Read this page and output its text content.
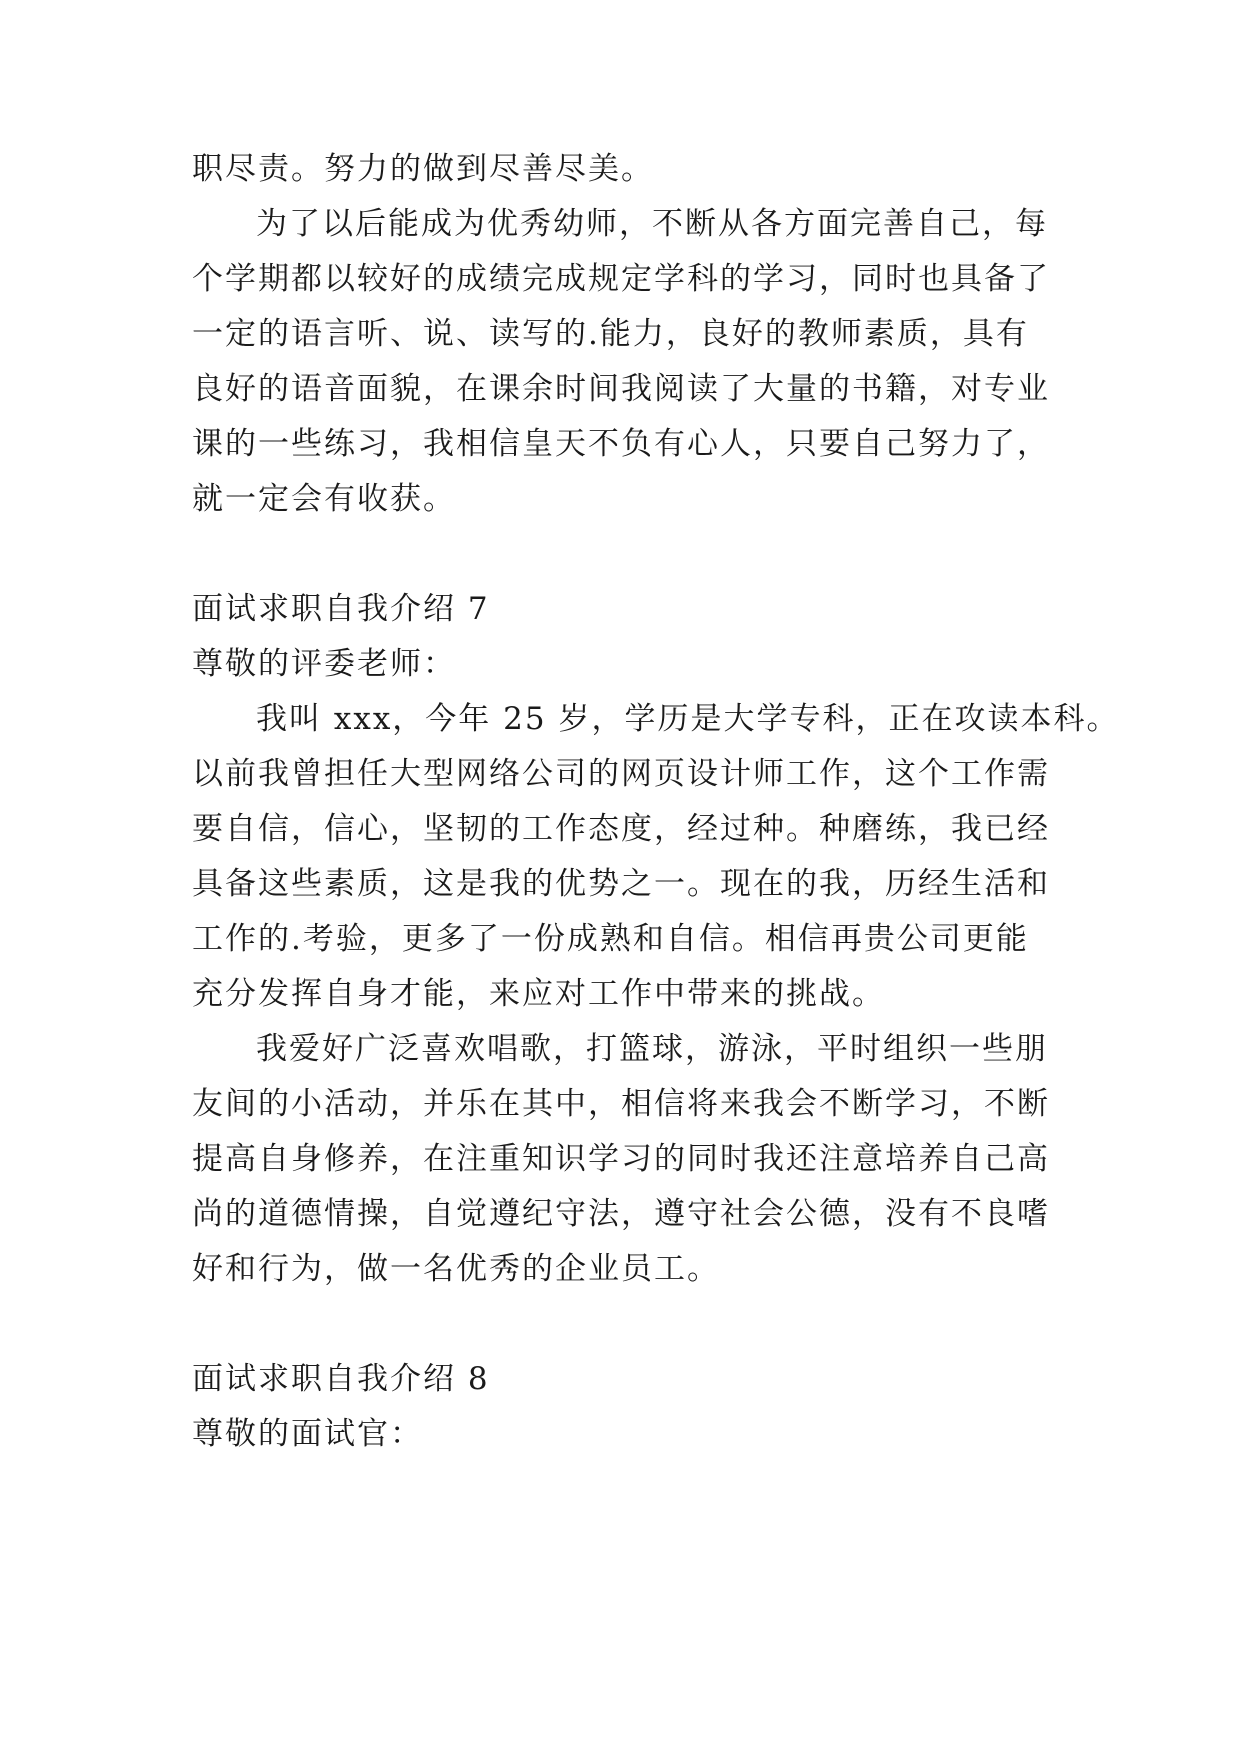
职尽责。努力的做到尽善尽美。
为了以后能成为优秀幼师，不断从各方面完善自己，每
个学期都以较好的成绩完成规定学科的学习，同时也具备了
一定的语言听、说、读写的.能力，良好的教师素质，具有
良好的语音面貌，在课余时间我阅读了大量的书籍，对专业
课的一些练习，我相信皇天不负有心人，只要自己努力了，
就一定会有收获。
面试求职自我介绍 7
尊敬的评委老师：
我叫 xxx，今年 25 岁，学历是大学专科，正在攻读本科。
以前我曾担任大型网络公司的网页设计师工作，这个工作需
要自信，信心，坚韧的工作态度，经过种。种磨练，我已经
具备这些素质，这是我的优势之一。现在的我，历经生活和
工作的.考验，更多了一份成熟和自信。相信再贵公司更能
充分发挥自身才能，来应对工作中带来的挑战。
我爱好广泛喜欢唱歌，打篮球，游泳，平时组织一些朋
友间的小活动，并乐在其中，相信将来我会不断学习，不断
提高自身修养，在注重知识学习的同时我还注意培养自己高
尚的道德情操，自觉遵纪守法，遵守社会公德，没有不良嗜
好和行为，做一名优秀的企业员工。
面试求职自我介绍 8
尊敬的面试官：
